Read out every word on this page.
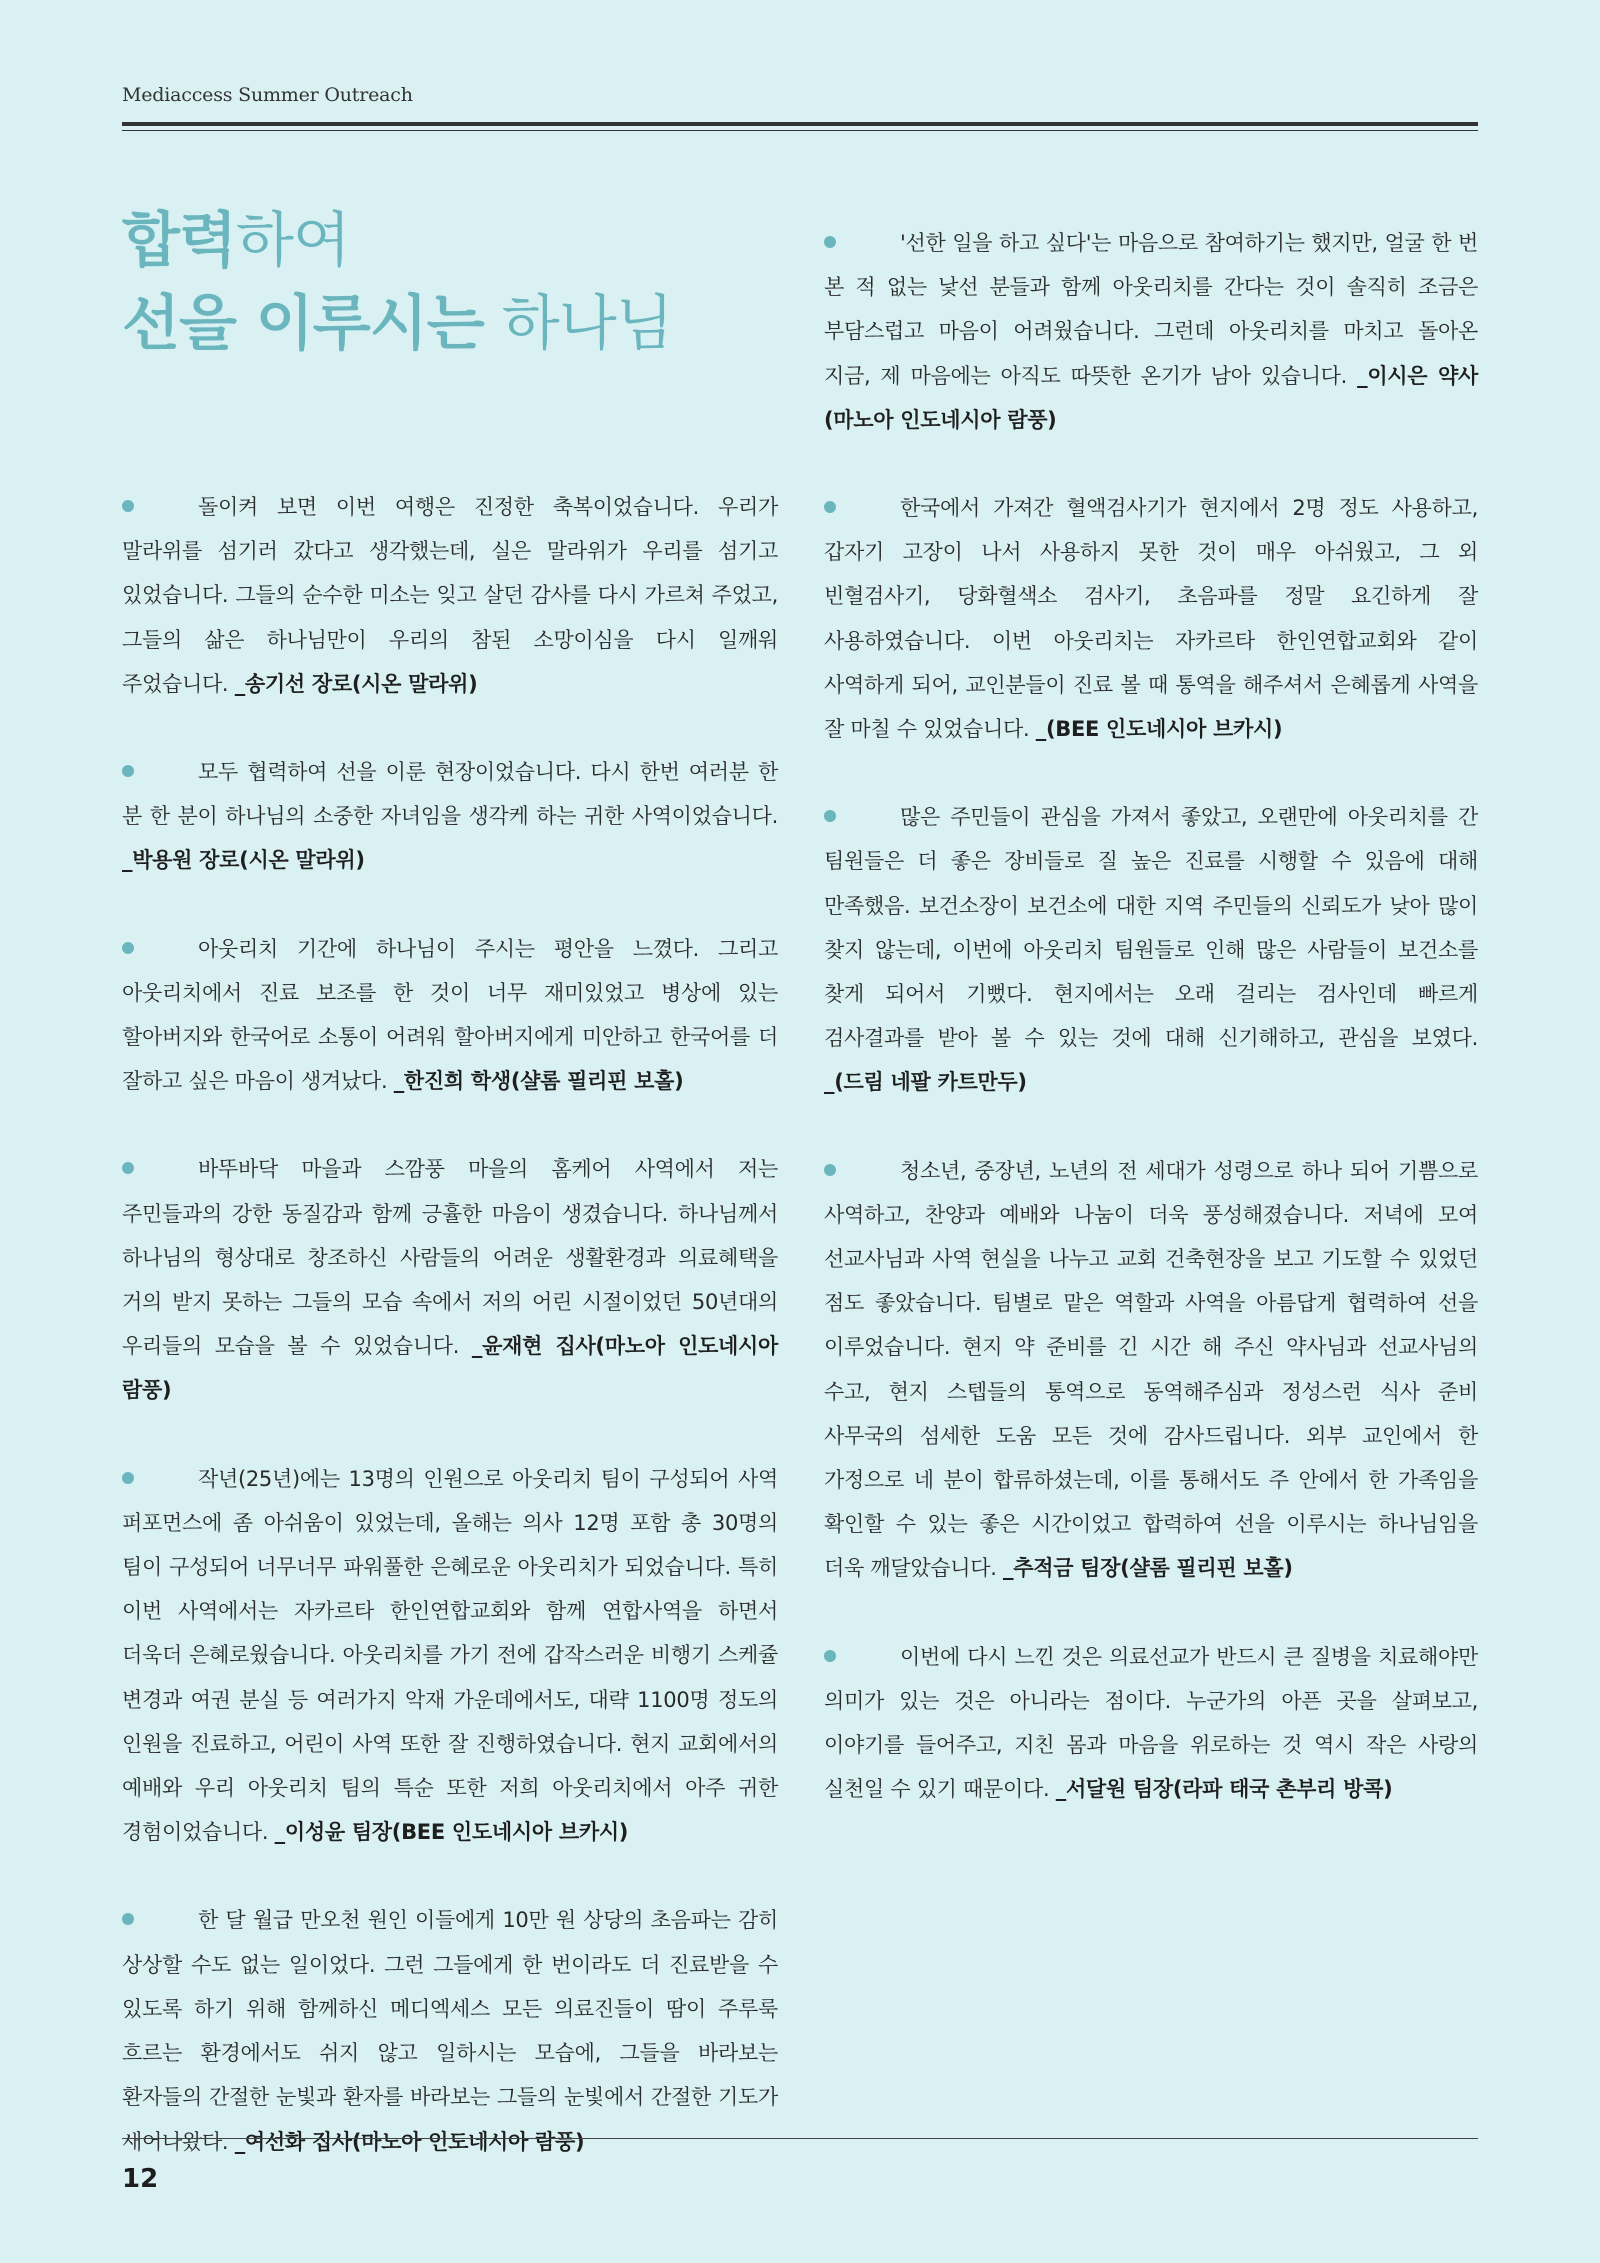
Mediaccess Summer Outreach
합력하여
선을 이루시는 하나님

돌이켜 보면 이번 여행은 진정한 축복이었습니다. 우리가 말라위를 섬기러 갔다고 생각했는데, 실은 말라위가 우리를 섬기고 있었습니다. 그들의 순수한 미소는 잊고 살던 감사를 다시 가르쳐 주었고, 그들의 삶은 하나님만이 우리의 참된 소망이심을 다시 일깨워 주었습니다. _송기선 장로(시온 말라위)

모두 협력하여 선을 이룬 현장이었습니다. 다시 한번 여러분 한 분 한 분이 하나님의 소중한 자녀임을 생각케 하는 귀한 사역이었습니다. _박용원 장로(시온 말라위)

아웃리치 기간에 하나님이 주시는 평안을 느꼈다. 그리고 아웃리치에서 진료 보조를 한 것이 너무 재미있었고 병상에 있는 할아버지와 한국어로 소통이 어려워 할아버지에게 미안하고 한국어를 더 잘하고 싶은 마음이 생겨났다. _한진희 학생(샬롬 필리핀 보홀)

바뚜바닥 마을과 스깜풍 마을의 홈케어 사역에서 저는 주민들과의 강한 동질감과 함께 긍휼한 마음이 생겼습니다. 하나님께서 하나님의 형상대로 창조하신 사람들의 어려운 생활환경과 의료혜택을 거의 받지 못하는 그들의 모습 속에서 저의 어린 시절이었던 50년대의 우리들의 모습을 볼 수 있었습니다. _윤재현 집사(마노아 인도네시아 람풍)

작년(25년)에는 13명의 인원으로 아웃리치 팀이 구성되어 사역 퍼포먼스에 좀 아쉬움이 있었는데, 올해는 의사 12명 포함 총 30명의 팀이 구성되어 너무너무 파워풀한 은혜로운 아웃리치가 되었습니다. 특히 이번 사역에서는 자카르타 한인연합교회와 함께 연합사역을 하면서 더욱더 은혜로웠습니다. 아웃리치를 가기 전에 갑작스러운 비행기 스케쥴 변경과 여권 분실 등 여러가지 악재 가운데에서도, 대략 1100명 정도의 인원을 진료하고, 어린이 사역 또한 잘 진행하였습니다. 현지 교회에서의 예배와 우리 아웃리치 팀의 특순 또한 저희 아웃리치에서 아주 귀한 경험이었습니다. _이성윤 팀장(BEE 인도네시아 브카시)

한 달 월급 만오천 원인 이들에게 10만 원 상당의 초음파는 감히 상상할 수도 없는 일이었다. 그런 그들에게 한 번이라도 더 진료받을 수 있도록 하기 위해 함께하신 메디엑세스 모든 의료진들이 땀이 주루룩 흐르는 환경에서도 쉬지 않고 일하시는 모습에, 그들을 바라보는 환자들의 간절한 눈빛과 환자를 바라보는 그들의 눈빛에서 간절한 기도가 새어나왔다. _여선화 집사(마노아 인도네시아 람풍)

'선한 일을 하고 싶다'는 마음으로 참여하기는 했지만, 얼굴 한 번 본 적 없는 낯선 분들과 함께 아웃리치를 간다는 것이 솔직히 조금은 부담스럽고 마음이 어려웠습니다. 그런데 아웃리치를 마치고 돌아온 지금, 제 마음에는 아직도 따뜻한 온기가 남아 있습니다. _이시은 약사(마노아 인도네시아 람풍)

한국에서 가져간 혈액검사기가 현지에서 2명 정도 사용하고, 갑자기 고장이 나서 사용하지 못한 것이 매우 아쉬웠고, 그 외 빈혈검사기, 당화혈색소 검사기, 초음파를 정말 요긴하게 잘 사용하였습니다. 이번 아웃리치는 자카르타 한인연합교회와 같이 사역하게 되어, 교인분들이 진료 볼 때 통역을 해주셔서 은혜롭게 사역을 잘 마칠 수 있었습니다. _(BEE 인도네시아 브카시)

많은 주민들이 관심을 가져서 좋았고, 오랜만에 아웃리치를 간 팀원들은 더 좋은 장비들로 질 높은 진료를 시행할 수 있음에 대해 만족했음. 보건소장이 보건소에 대한 지역 주민들의 신뢰도가 낮아 많이 찾지 않는데, 이번에 아웃리치 팀원들로 인해 많은 사람들이 보건소를 찾게 되어서 기뻤다. 현지에서는 오래 걸리는 검사인데 빠르게 검사결과를 받아 볼 수 있는 것에 대해 신기해하고, 관심을 보였다. _(드림 네팔 카트만두)

청소년, 중장년, 노년의 전 세대가 성령으로 하나 되어 기쁨으로 사역하고, 찬양과 예배와 나눔이 더욱 풍성해졌습니다. 저녁에 모여 선교사님과 사역 현실을 나누고 교회 건축현장을 보고 기도할 수 있었던 점도 좋았습니다. 팀별로 맡은 역할과 사역을 아름답게 협력하여 선을 이루었습니다. 현지 약 준비를 긴 시간 해 주신 약사님과 선교사님의 수고, 현지 스텝들의 통역으로 동역해주심과 정성스런 식사 준비 사무국의 섬세한 도움 모든 것에 감사드립니다. 외부 교인에서 한 가정으로 네 분이 합류하셨는데, 이를 통해서도 주 안에서 한 가족임을 확인할 수 있는 좋은 시간이었고 합력하여 선을 이루시는 하나님임을 더욱 깨달았습니다. _추적금 팀장(샬롬 필리핀 보홀)

이번에 다시 느낀 것은 의료선교가 반드시 큰 질병을 치료해야만 의미가 있는 것은 아니라는 점이다. 누군가의 아픈 곳을 살펴보고, 이야기를 들어주고, 지친 몸과 마음을 위로하는 것 역시 작은 사랑의 실천일 수 있기 때문이다. _서달원 팀장(라파 태국 촌부리 방콕)

12
